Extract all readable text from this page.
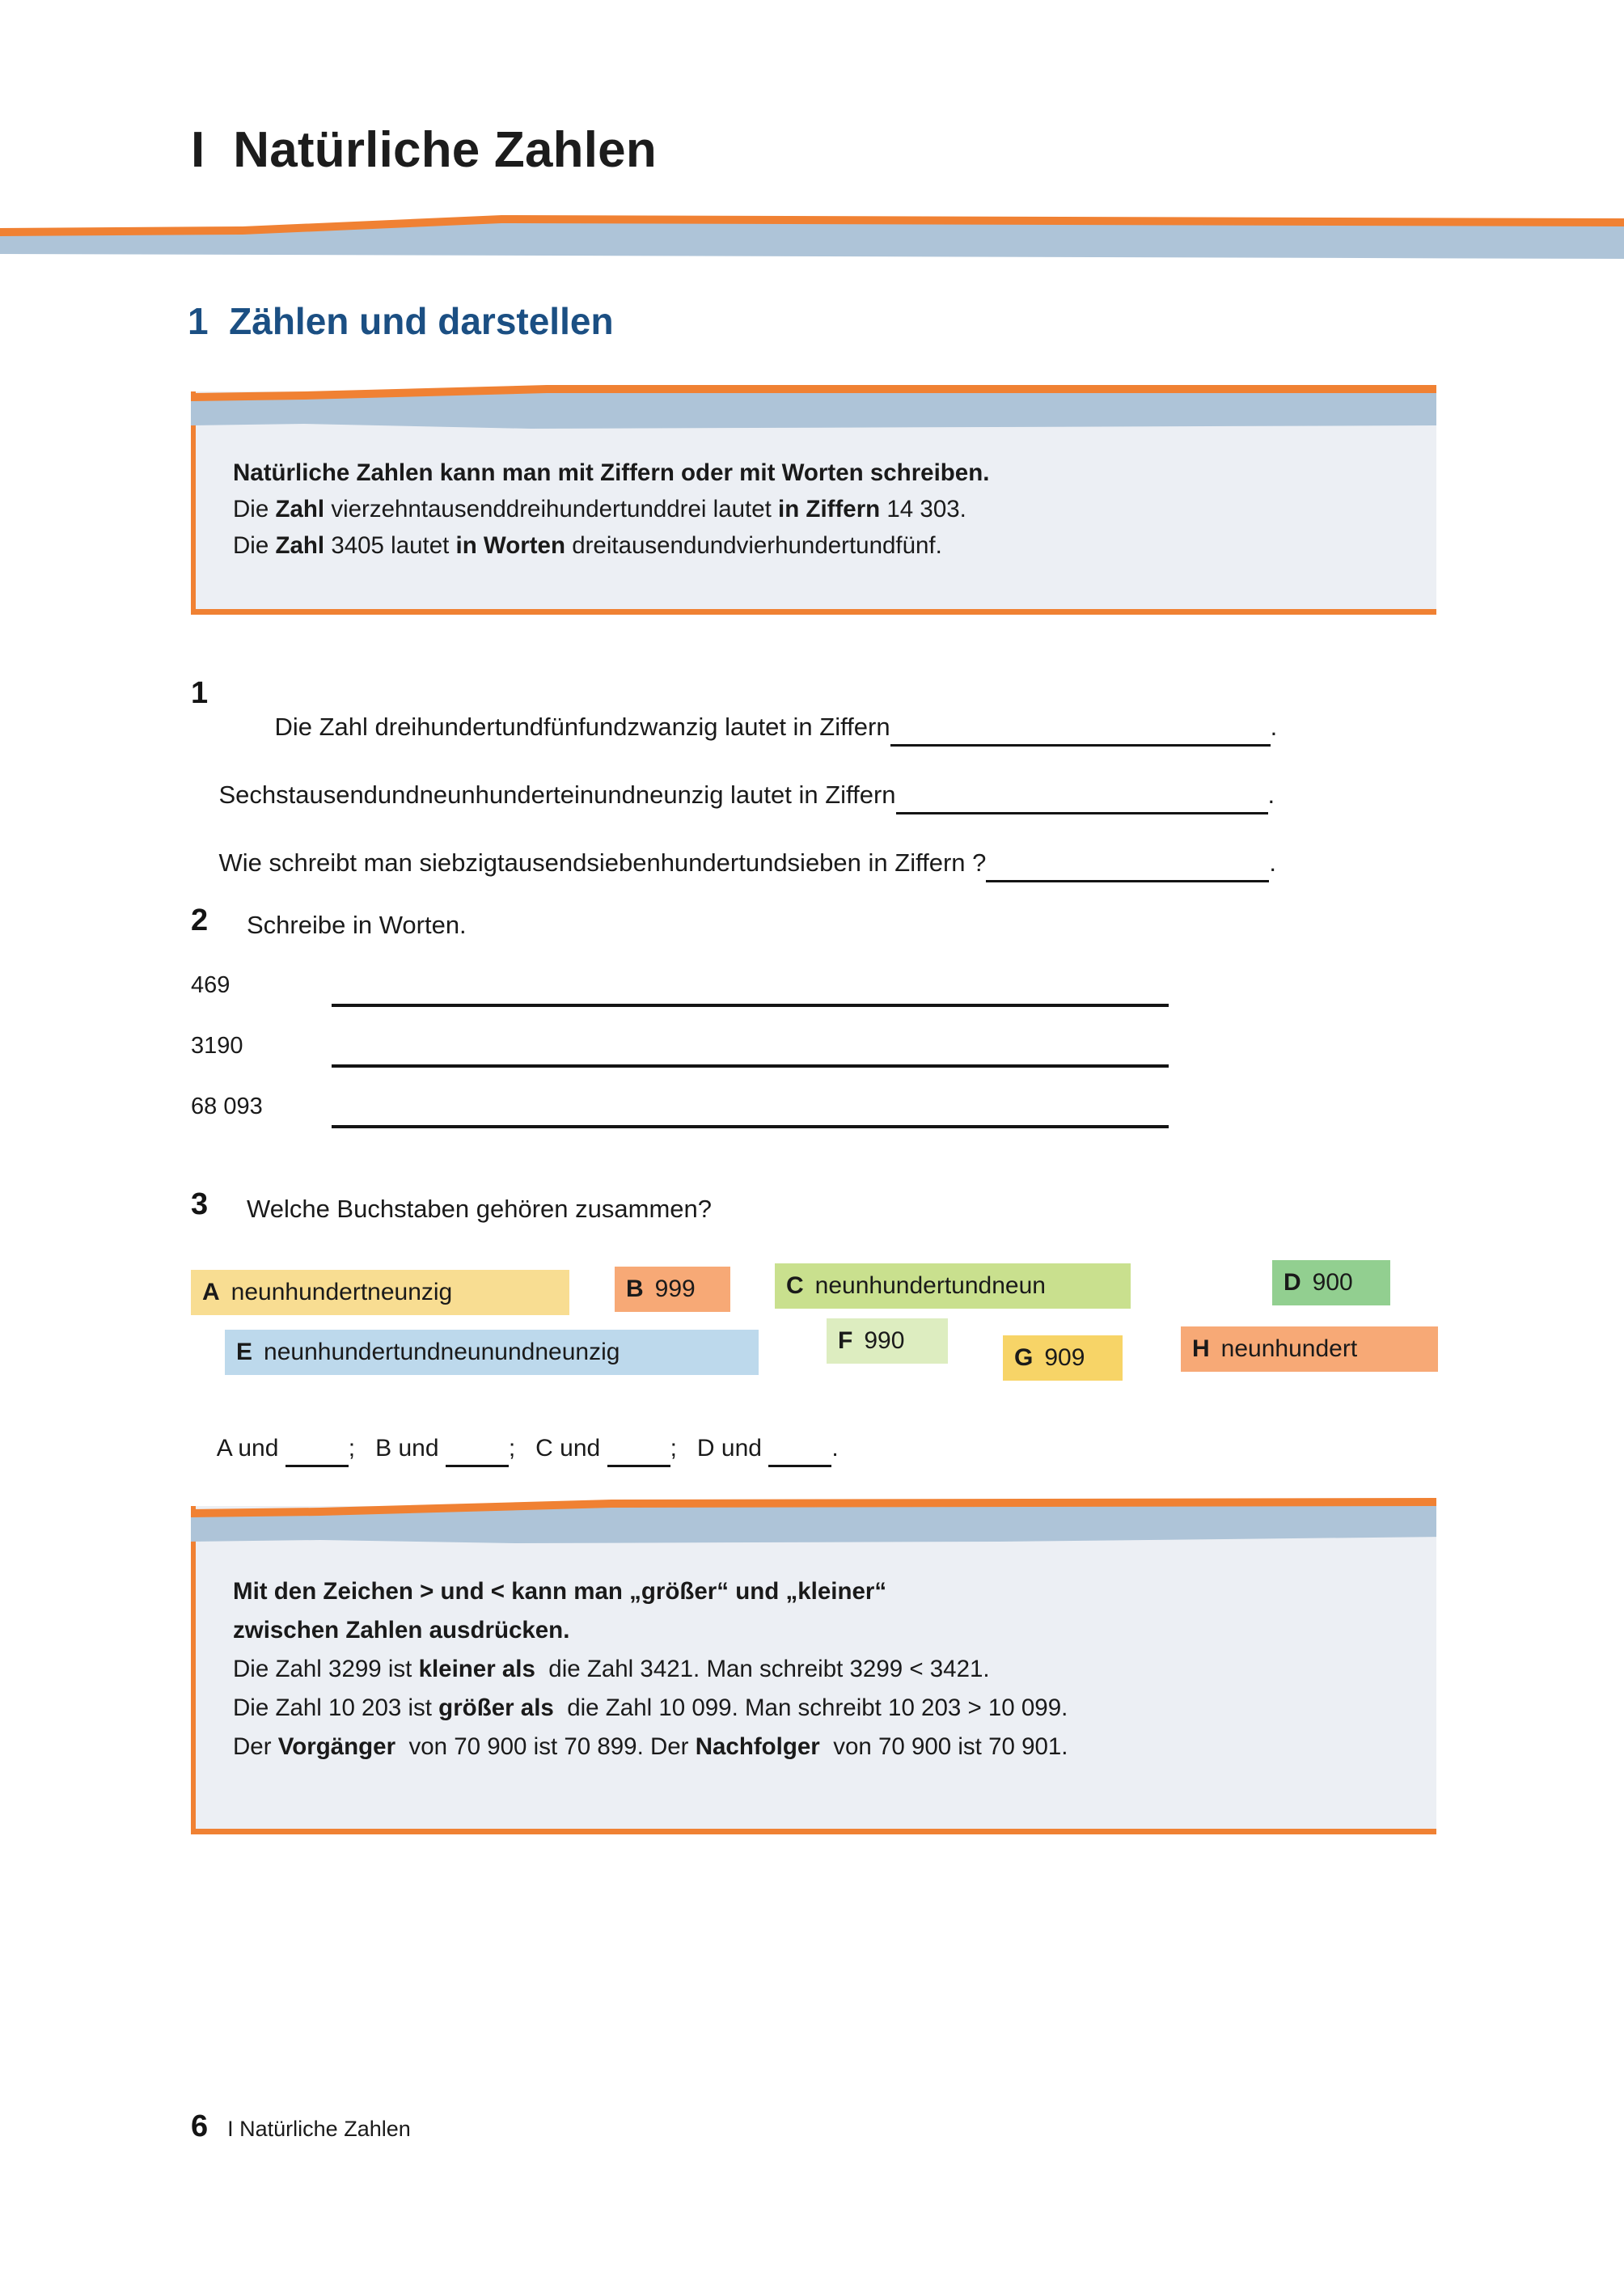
I  Natürliche Zahlen
1  Zählen und darstellen

Natürliche Zahlen kann man mit Ziffern oder mit Worten schreiben.

Die Zahl vierzehntausenddreihundertunddrei lautet in Ziffern 14 303.

Die Zahl 3405 lautet in Worten dreitausendundvierhundertundfünf.

1

Die Zahl dreihundertundfünfundzwanzig lautet in Ziffern	.

Sechstausendundneunhunderteinundneunzig lautet in Ziffern	.

Wie schreibt man siebzigtausendsiebenhundertundsieben in Ziffern ?	.

2 Schreibe in Worten.
469
3190
68 093
3 Welche Buchstaben gehören zusammen?
A neunhundertneunzig	B 999	C neunhundertundneun	D 900
E neunhundertundneunundneunzig	F 990
G 909	H neunhundert

A und	;   B und	;   C und	;   D und	.

Mit den Zeichen > und < kann man „größer“ und „kleiner“

zwischen Zahlen ausdrücken.

Die Zahl 3299 ist kleiner als  die Zahl 3421. Man schreibt 3299 < 3421.

Die Zahl 10 203 ist größer als  die Zahl 10 099. Man schreibt 10 203 > 10 099.

Der Vorgänger  von 70 900 ist 70 899. Der Nachfolger  von 70 900 ist 70 901.

6 I Natürliche Zahlen
